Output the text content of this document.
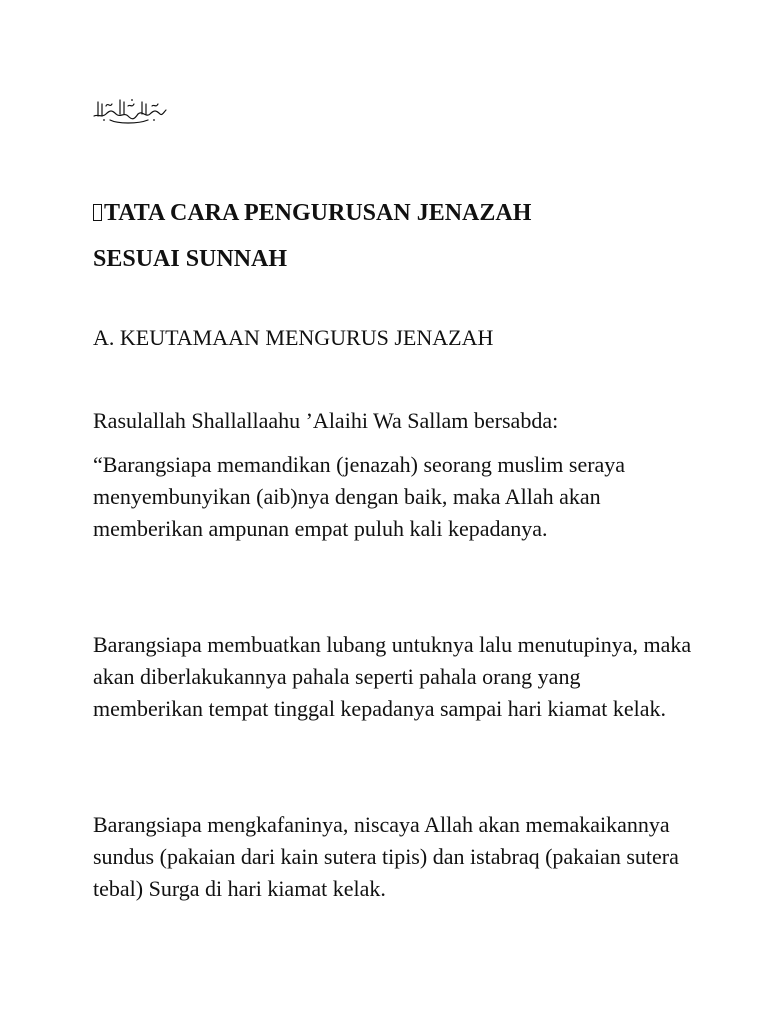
TATA CARA PENGURUSAN JENAZAH
SESUAI SUNNAH

A. KEUTAMAAN MENGURUS JENAZAH

Rasulallah Shallallaahu ’Alaihi Wa Sallam bersabda:

“Barangsiapa memandikan (jenazah) seorang muslim seraya menyembunyikan (aib)nya dengan baik, maka Allah akan memberikan ampunan empat puluh kali kepadanya.

Barangsiapa membuatkan lubang untuknya lalu menutupinya, maka akan diberlakukannya pahala seperti pahala orang yang memberikan tempat tinggal kepadanya sampai hari kiamat kelak.

Barangsiapa mengkafaninya, niscaya Allah akan memakaikannya sundus (pakaian dari kain sutera tipis) dan istabraq (pakaian sutera tebal) Surga di hari kiamat kelak.
